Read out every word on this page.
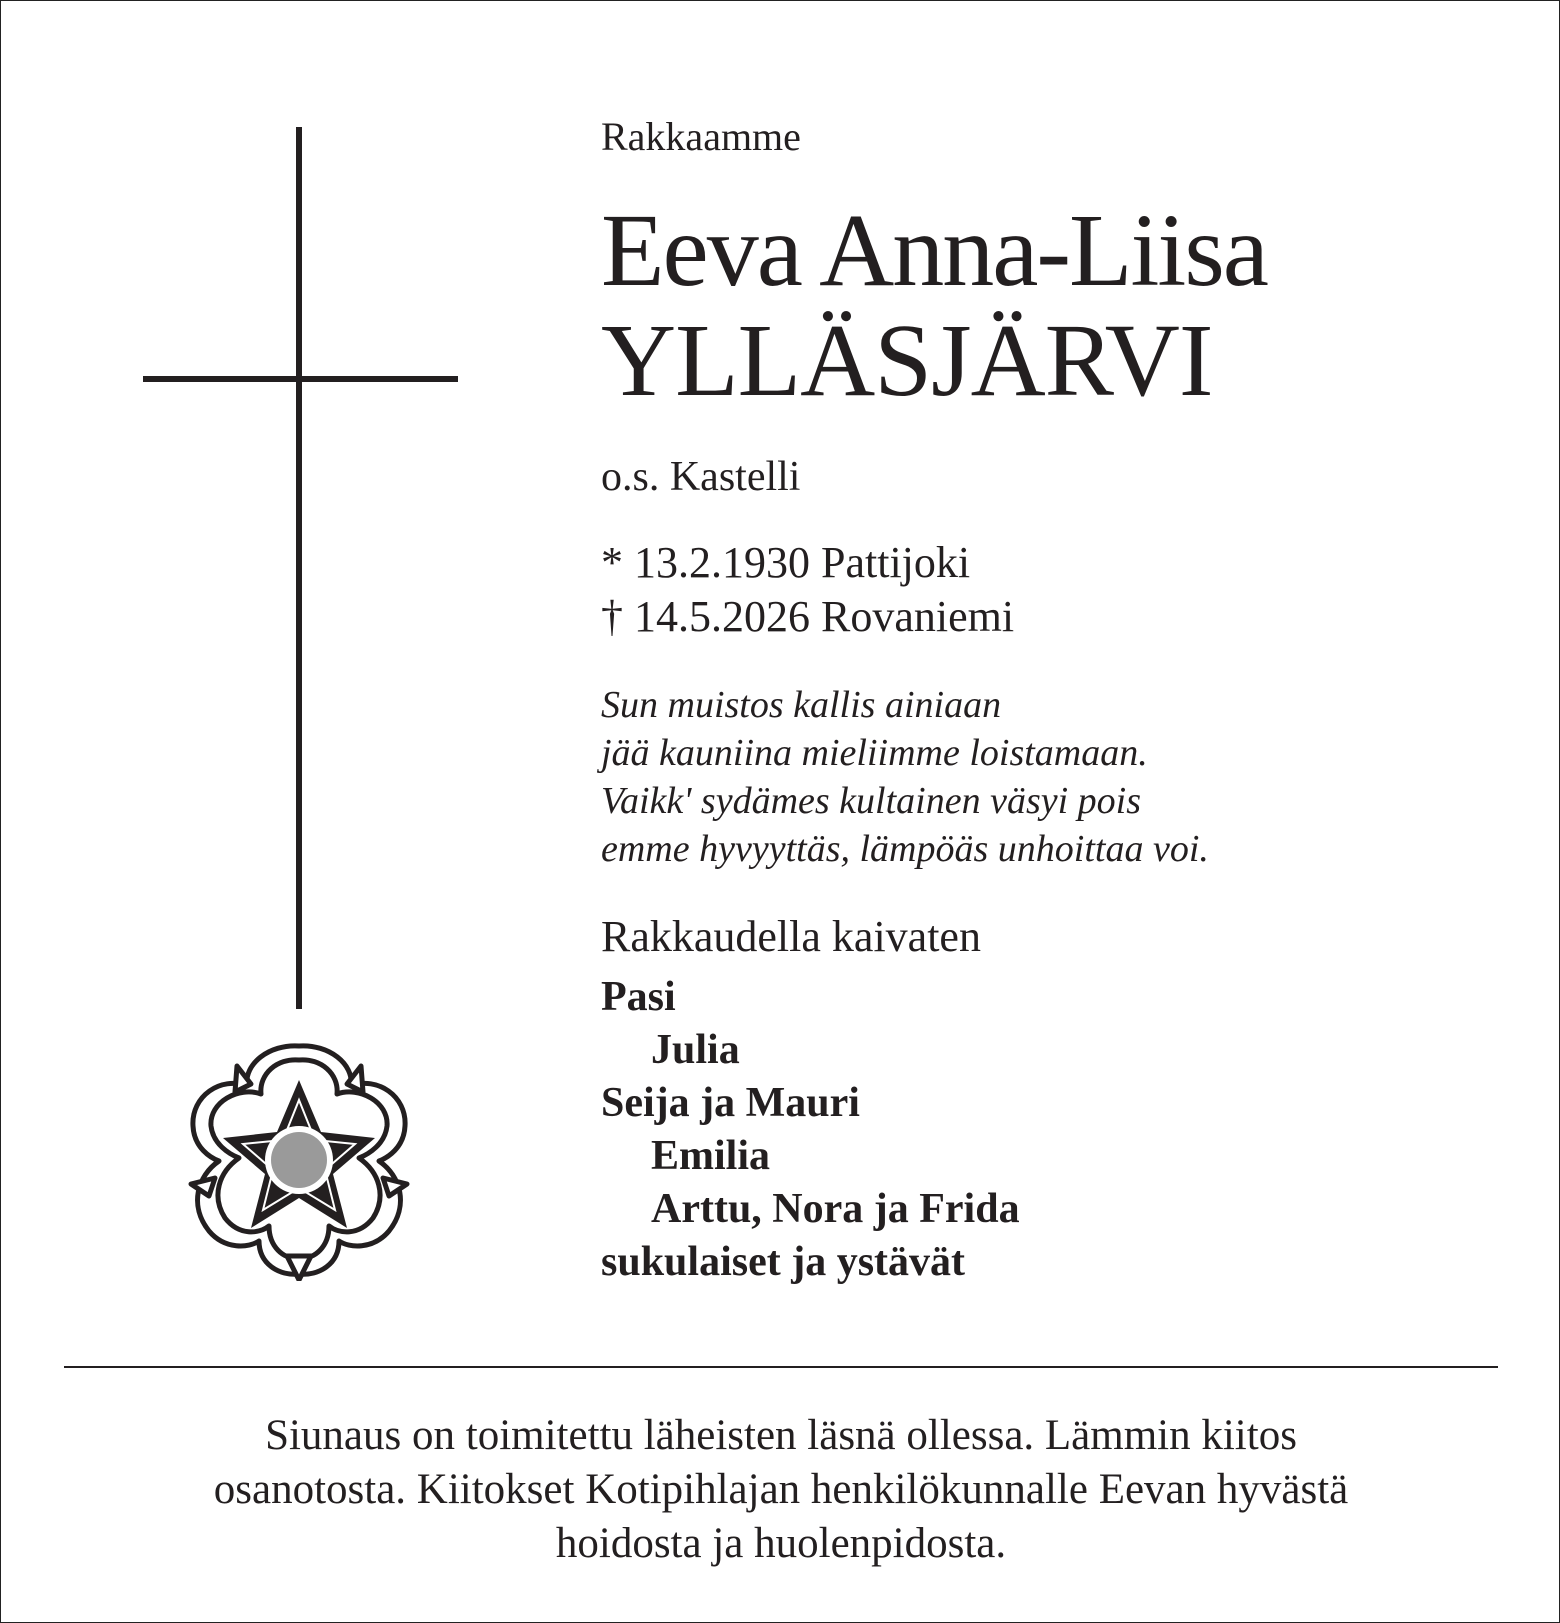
Rakkaamme
Eeva Anna-Liisa
YLLÄSJÄRVI
o.s. Kastelli
* 13.2.1930 Pattijoki
† 14.5.2026 Rovaniemi
Sun muistos kallis ainiaan
jää kauniina mieliimme loistamaan.
Vaikk' sydämes kultainen väsyi pois
emme hyvyyttäs, lämpöäs unhoittaa voi.
Rakkaudella kaivaten
Pasi
Julia
Seija ja Mauri
Emilia
Arttu, Nora ja Frida
sukulaiset ja ystävät
Siunaus on toimitettu läheisten läsnä ollessa. Lämmin kiitos
osanotosta. Kiitokset Kotipihlajan henkilökunnalle Eevan hyvästä
hoidosta ja huolenpidosta.
